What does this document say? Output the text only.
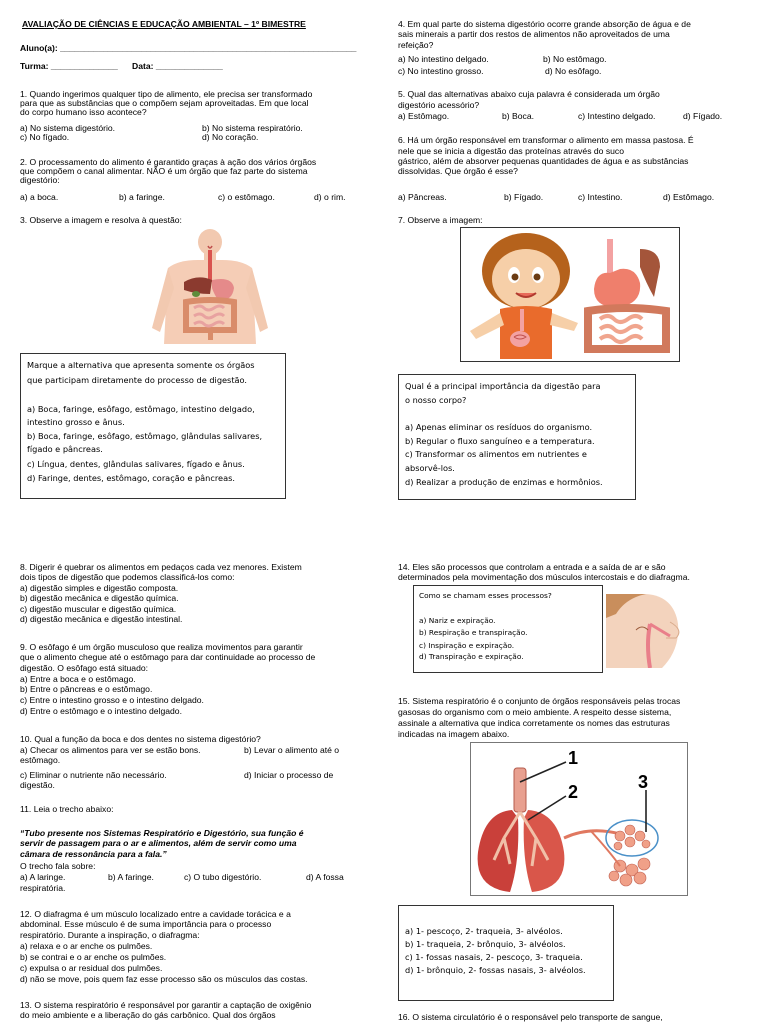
AVALIAÇÃO DE CIÊNCIAS E EDUCAÇÃO AMBIENTAL – 1º BIMESTRE
Aluno(a): ______________________________________________________________
Turma: ______________ Data: ______________
1. Quando ingerimos qualquer tipo de alimento, ele precisa ser transformado
para que as substâncias que o compõem sejam aproveitadas. Em que local
do corpo humano isso acontece?
a) No sistema digestório.	b) No sistema respiratório.
c) No fígado.	d) No coração.
2. O processamento do alimento é garantido graças à ação dos vários órgãos
que compõem o canal alimentar. NÃO é um órgão que faz parte do sistema
digestório:
a) a boca.	b) a faringe.	c) o estômago.	d) o rim.
3. Observe a imagem e resolva à questão:
Marque a alternativa que apresenta somente os órgãos
que participam diretamente do processo de digestão.
a) Boca, faringe, esôfago, estômago, intestino delgado,
intestino grosso e ânus.
b) Boca, faringe, esôfago, estômago, glândulas salivares,
fígado e pâncreas.
c) Língua, dentes, glândulas salivares, fígado e ânus.
d) Faringe, dentes, estômago, coração e pâncreas.
8. Digerir é quebrar os alimentos em pedaços cada vez menores. Existem
dois tipos de digestão que podemos classificá-los como:
a) digestão simples e digestão composta.
b) digestão mecânica e digestão química.
c) digestão muscular e digestão química.
d) digestão mecânica e digestão intestinal.
9. O esôfago é um órgão musculoso que realiza movimentos para garantir
que o alimento chegue até o estômago para dar continuidade ao processo de
digestão. O esôfago está situado:
a) Entre a boca e o estômago.
b) Entre o pâncreas e o estômago.
c) Entre o intestino grosso e o intestino delgado.
d) Entre o estômago e o intestino delgado.
10. Qual a função da boca e dos dentes no sistema digestório?
a) Checar os alimentos para ver se estão bons.	b) Levar o alimento até o
estômago.
c) Eliminar o nutriente não necessário.	d) Iniciar o processo de
digestão.
11. Leia o trecho abaixo:
“Tubo presente nos Sistemas Respiratório e Digestório, sua função é
servir de passagem para o ar e alimentos, além de servir como uma
câmara de ressonância para a fala.”
O trecho fala sobre:
a) A laringe.	b) A faringe.	c) O tubo digestório.	d) A fossa
respiratória.
12. O diafragma é um músculo localizado entre a cavidade torácica e a
abdominal. Esse músculo é de suma importância para o processo
respiratório. Durante a inspiração, o diafragma:
a) relaxa e o ar enche os pulmões.
b) se contrai e o ar enche os pulmões.
c) expulsa o ar residual dos pulmões.
d) não se move, pois quem faz esse processo são os músculos das costas.
13. O sistema respiratório é responsável por garantir a captação de oxigênio
do meio ambiente e a liberação do gás carbônico. Qual dos órgãos
4. Em qual parte do sistema digestório ocorre grande absorção de água e de
sais minerais a partir dos restos de alimentos não aproveitados de uma
refeição?
a) No intestino delgado.	b) No estômago.
c) No intestino grosso.	d) No esôfago.
5. Qual das alternativas abaixo cuja palavra é considerada um órgão
digestório acessório?
a) Estômago.	b) Boca.	c) Intestino delgado.	d) Fígado.
6. Há um órgão responsável em transformar o alimento em massa pastosa. É
nele que se inicia a digestão das proteínas através do suco
gástrico, além de absorver pequenas quantidades de água e as substâncias
dissolvidas. Que órgão é esse?
a) Pâncreas.	b) Fígado.	c) Intestino.	d) Estômago.
7. Observe a imagem:
Qual é a principal importância da digestão para
o nosso corpo?
a) Apenas eliminar os resíduos do organismo.
b) Regular o fluxo sanguíneo e a temperatura.
c) Transformar os alimentos em nutrientes e
absorvê-los.
d) Realizar a produção de enzimas e hormônios.
14. Eles são processos que controlam a entrada e a saída de ar e são
determinados pela movimentação dos músculos intercostais e do diafragma.
Como se chamam esses processos?
a) Nariz e expiração.
b) Respiração e transpiração.
c) Inspiração e expiração.
d) Transpiração e expiração.
15. Sistema respiratório é o conjunto de órgãos responsáveis pelas trocas
gasosas do organismo com o meio ambiente. A respeito desse sistema,
assinale a alternativa que indica corretamente os nomes das estruturas
indicadas na imagem abaixo.
1
2	3
a) 1- pescoço, 2- traqueia, 3- alvéolos.
b) 1- traqueia, 2- brônquio, 3- alvéolos.
c) 1- fossas nasais, 2- pescoço, 3- traqueia.
d) 1- brônquio, 2- fossas nasais, 3- alvéolos.
16. O sistema circulatório é o responsável pelo transporte de sangue,
